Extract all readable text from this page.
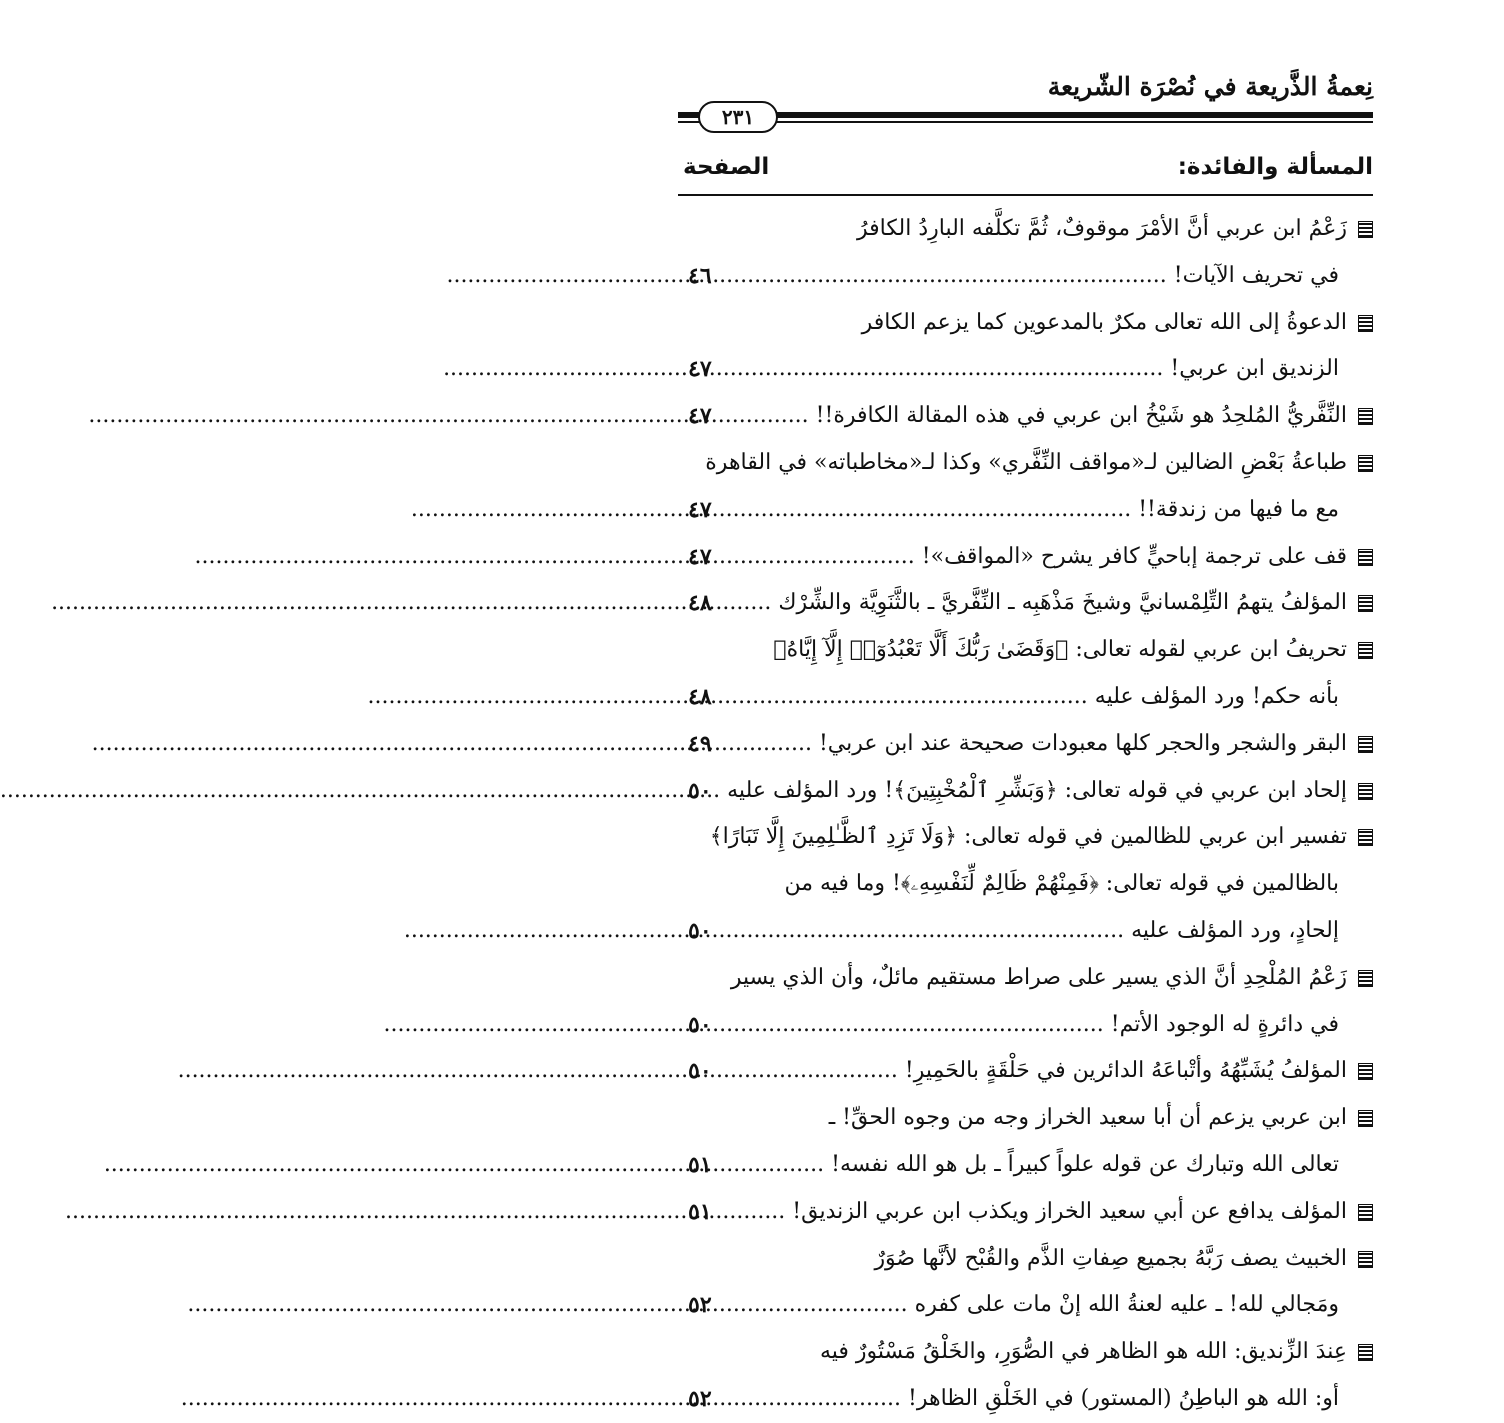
نِعمةُ الذَّريعة في نُصْرَة الشّريعة
٢٣١
المسألة والفائدة:
الصفحة
زَعْمُ ابن عربي أنَّ الأمْرَ موقوفٌ، ثُمَّ تكلَّفه البارِدُ الكافرُ
في تحريف الآيات! .....
٤٦
الدعوةُ إلى الله تعالى مكرٌ بالمدعوين كما يزعم الكافر
الزنديق ابن عربي! .....
٤٧
النِّفَّريُّ المُلحِدُ هو شَيْخُ ابن عربي في هذه المقالة الكافرة!! .....
٤٧
طباعةُ بَعْضِ الضالين لـ«مواقف النِّفَّري» وكذا لـ«مخاطباته» في القاهرة
مع ما فيها من زندقة!! .....
٤٧
قف على ترجمة إباحيٍّ كافر يشرح «المواقف»! .....
٤٧
المؤلفُ يتهمُ التِّلِمْسانيَّ وشيخَ مَذْهَبِه ـ النِّفَّريَّ ـ بالثَّنَوِيَّة والشِّرْك .....
٤٨
تحريفُ ابن عربي لقوله تعالى: ﴿وَقَضَىٰ رَبُّكَ أَلَّا تَعْبُدُوٓا۟ إِلَّآ إِيَّاهُ﴾
بأنه حكم! ورد المؤلف عليه .....
٤٨
البقر والشجر والحجر كلها معبودات صحيحة عند ابن عربي! .....
٤٩
إلحاد ابن عربي في قوله تعالى: ﴿وَبَشِّرِ ٱلْمُخْبِتِينَ﴾! ورد المؤلف عليه .....
٥٠
تفسير ابن عربي للظالمين في قوله تعالى: ﴿وَلَا تَزِدِ ٱلظَّـٰلِمِينَ إِلَّا تَبَارًا﴾
بالظالمين في قوله تعالى: ﴿فَمِنْهُمْ ظَالِمٌ لِّنَفْسِهِۦ﴾! وما فيه من
إلحادٍ، ورد المؤلف عليه .....
٥٠
زَعْمُ المُلْحِدِ أنَّ الذي يسير على صراط مستقيم مائلٌ، وأن الذي يسير
في دائرةٍ له الوجود الأتم! .....
٥٠
المؤلفُ يُشَبِّهُهُ وأتْباعَهُ الدائرين في حَلْقَةٍ بالحَمِيرِ! .....
٥٠
ابن عربي يزعم أن أبا سعيد الخراز وجه من وجوه الحقِّ! ـ
تعالى الله وتبارك عن قوله علواً كبيراً ـ بل هو الله نفسه! .....
٥١
المؤلف يدافع عن أبي سعيد الخراز ويكذب ابن عربي الزنديق! .....
٥١
الخبيث يصف رَبَّهُ بجميع صِفاتِ الذَّم والقُبْح لأنَّها صُوَرٌ
ومَجالي لله! ـ عليه لعنةُ الله إنْ مات على كفره .....
٥٢
عِندَ الزِّنديق: الله هو الظاهر في الصُّوَرِ، والخَلْقُ مَسْتُورٌ فيه
أو: الله هو الباطِنُ (المستور) في الخَلْقِ الظاهر! .....
٥٢
